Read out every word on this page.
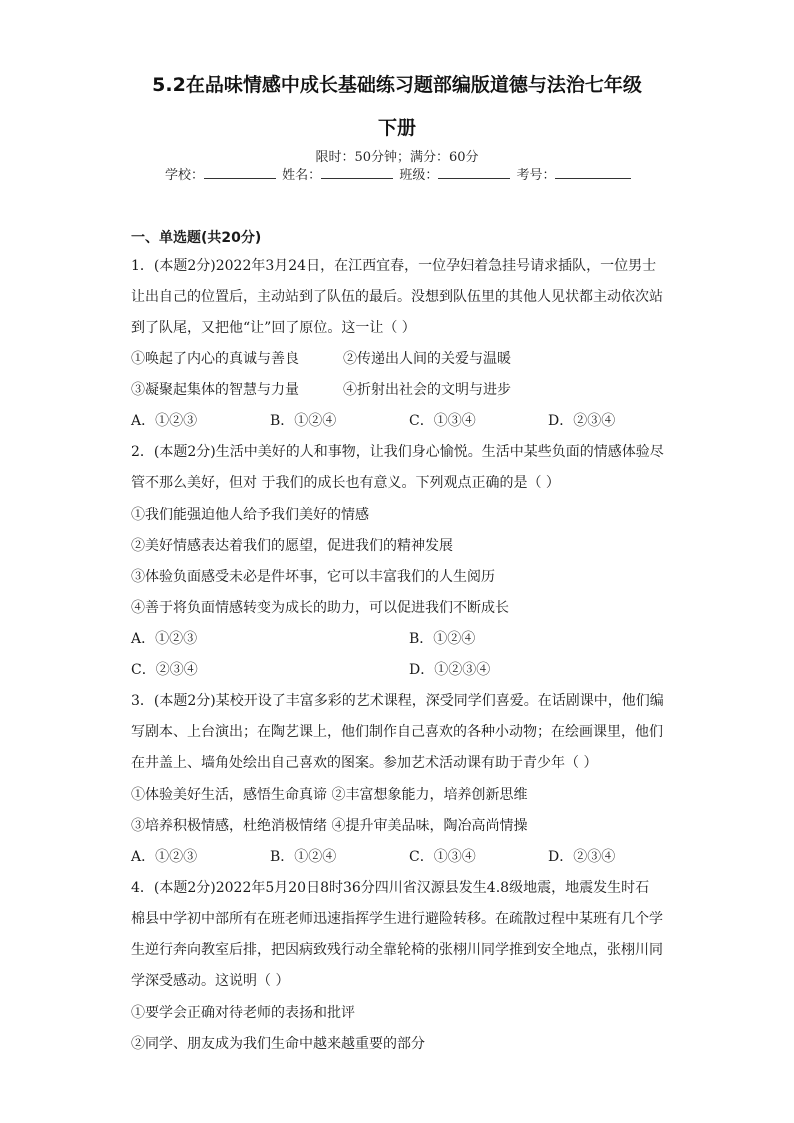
5.2在品味情感中成长基础练习题部编版道德与法治七年级
下册
限时：50分钟；满分：60分
学校：	姓名：	班级：	考号：
一、单选题(共20分)
1．(本题2分)2022年3月24日，在江西宜春，一位孕妇着急挂号请求插队，一位男士
让出自己的位置后，主动站到了队伍的最后。没想到队伍里的其他人见状都主动依次站
到了队尾，又把他“让”回了原位。这一让（ ）
①唤起了内心的真诚与善良	②传递出人间的关爱与温暖
③凝聚起集体的智慧与力量	④折射出社会的文明与进步
A．①②③	B．①②④	C．①③④	D．②③④
2．(本题2分)生活中美好的人和事物，让我们身心愉悦。生活中某些负面的情感体验尽
管不那么美好，但对 于我们的成长也有意义。下列观点正确的是（ ）
①我们能强迫他人给予我们美好的情感
②美好情感表达着我们的愿望，促进我们的精神发展
③体验负面感受未必是件坏事，它可以丰富我们的人生阅历
④善于将负面情感转变为成长的助力，可以促进我们不断成长
A．①②③	B．①②④
C．②③④	D．①②③④
3．(本题2分)某校开设了丰富多彩的艺术课程，深受同学们喜爱。在话剧课中，他们编
写剧本、上台演出；在陶艺课上，他们制作自己喜欢的各种小动物；在绘画课里，他们
在井盖上、墙角处绘出自己喜欢的图案。参加艺术活动课有助于青少年（ ）
①体验美好生活，感悟生命真谛 ②丰富想象能力，培养创新思维
③培养积极情感，杜绝消极情绪 ④提升审美品味，陶冶高尚情操
A．①②③	B．①②④	C．①③④	D．②③④
4．(本题2分)2022年5月20日8时36分四川省汉源县发生4.8级地震，地震发生时石
棉县中学初中部所有在班老师迅速指挥学生进行避险转移。在疏散过程中某班有几个学
生逆行奔向教室后排，把因病致残行动全靠轮椅的张栩川同学推到安全地点，张栩川同
学深受感动。这说明（ ）
①要学会正确对待老师的表扬和批评
②同学、朋友成为我们生命中越来越重要的部分
